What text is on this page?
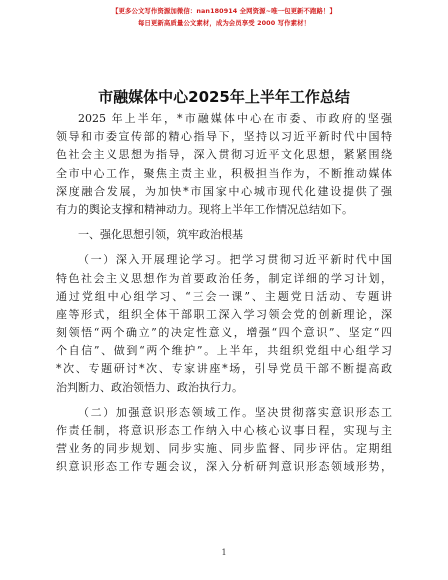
【更多公文写作资源加微信：nan180914 全网资源~唯一包更新不跑路！】
每日更新高质量公文素材，成为会员享受 2000 写作素材！
市融媒体中心2025年上半年工作总结
2025 年上半年，*市融媒体中心在市委、市政府的坚强
领导和市委宣传部的精心指导下，坚持以习近平新时代中国特
色社会主义思想为指导，深入贯彻习近平文化思想，紧紧围绕
全市中心工作，聚焦主责主业，积极担当作为，不断推动媒体
深度融合发展，为加快*市国家中心城市现代化建设提供了强
有力的舆论支撑和精神动力。现将上半年工作情况总结如下。
一、强化思想引领，筑牢政治根基
（一）深入开展理论学习。把学习贯彻习近平新时代中国
特色社会主义思想作为首要政治任务，制定详细的学习计划，
通过党组中心组学习、“三会一课”、主题党日活动、专题讲
座等形式，组织全体干部职工深入学习领会党的创新理论，深
刻领悟“两个确立”的决定性意义，增强“四个意识”、坚定“四
个自信”、做到“两个维护”。上半年，共组织党组中心组学习
*次、专题研讨*次、专家讲座*场，引导党员干部不断提高政
治判断力、政治领悟力、政治执行力。
（二）加强意识形态领域工作。坚决贯彻落实意识形态工
作责任制，将意识形态工作纳入中心核心议事日程，实现与主
营业务的同步规划、同步实施、同步监督、同步评估。定期组
织意识形态工作专题会议，深入分析研判意识形态领域形势，
1
